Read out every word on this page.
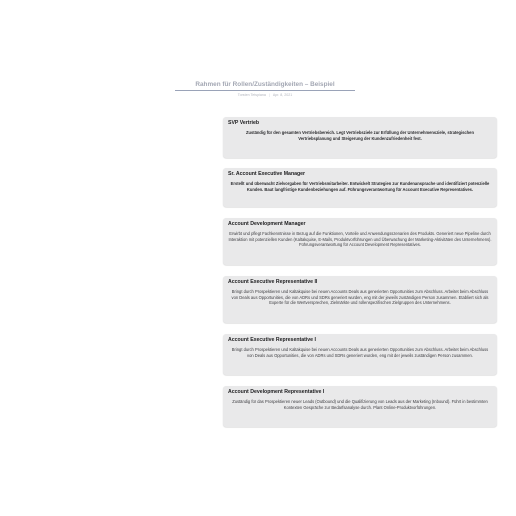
Rahmen für Rollen/Zuständigkeiten – Beispiel
Torsten Tetspiana | Apr. 8, 2021

SVP Vertrieb

Zuständig für den gesamten Vertriebsbereich. Legt Vertriebsziele zur Erfüllung der Unternehmensziele, strategischen Vertriebsplanung und Steigerung der Kundenzufriedenheit fest.

Sr. Account Executive Manager

Erstellt und überwacht Zielvorgaben für Vertriebsmitarbeiter. Entwickelt Strategien zur Kundenansprache und identifiziert potenzielle Kunden. Baut langfristige Kundenbeziehungen auf. Führungsverantwortung für Account Executive Representatives.

Account Development Manager

Erwirbt und pflegt Fachkenntnisse in Bezug auf die Funktionen, Vorteile und Anwendungsszenarien des Produkts. Generiert neue Pipeline durch Interaktion mit potenziellen Kunden (Kaltakquise, E-Mails, Produktvorführungen und Überwachung der Marketing-Aktivitäten des Unternehmens). Führungsverantwortung für Account Development Representatives.

Account Executive Representative II

Bringt durch Prospektieren und Kaltakquise bei neuen Accounts Deals aus generierten Opportunities zum Abschluss. Arbeitet beim Abschluss von Deals aus Opportunities, die von ADRs und SDRs generiert wurden, eng mit der jeweils zuständigen Person zusammen. Etabliert sich als Experte für die Wertversprechen, Zielmärkte und rollenspezifischen Zielgruppen des Unternehmens.

Account Executive Representative I

Bringt durch Prospektieren und Kaltakquise bei neuen Accounts Deals aus generierten Opportunities zum Abschluss. Arbeitet beim Abschluss von Deals aus Opportunities, die von ADRs und SDRs generiert wurden, eng mit der jeweils zuständigen Person zusammen.

Account Development Representative I

Zuständig für das Prospektieren neuer Leads (Outbound) und die Qualifizierung von Leads aus der Marketing (Inbound). Führt in bestimmten Kontexten Gespräche zur Bedarfsanalyse durch. Plant Online-Produktvorführungen.
